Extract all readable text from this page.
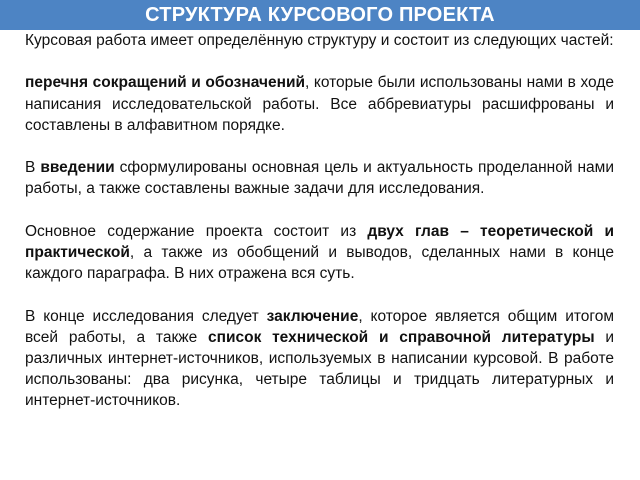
СТРУКТУРА КУРСОВОГО ПРОЕКТА

Курсовая работа имеет определённую структуру и состоит из следующих частей:

перечня сокращений и обозначений, которые были использованы нами в ходе написания исследовательской работы. Все аббревиатуры расшифрованы и составлены в алфавитном порядке.

В введении сформулированы основная цель и актуальность проделанной нами работы, а также составлены важные задачи для исследования.

Основное содержание проекта состоит из двух глав – теоретической и практической, а также из обобщений и выводов, сделанных нами в конце каждого параграфа. В них отражена вся суть.

В конце исследования следует заключение, которое является общим итогом всей работы, а также список технической и справочной литературы и различных интернет-источников, используемых в написании курсовой. В работе использованы: два рисунка, четыре таблицы и тридцать литературных и интернет-источников.
